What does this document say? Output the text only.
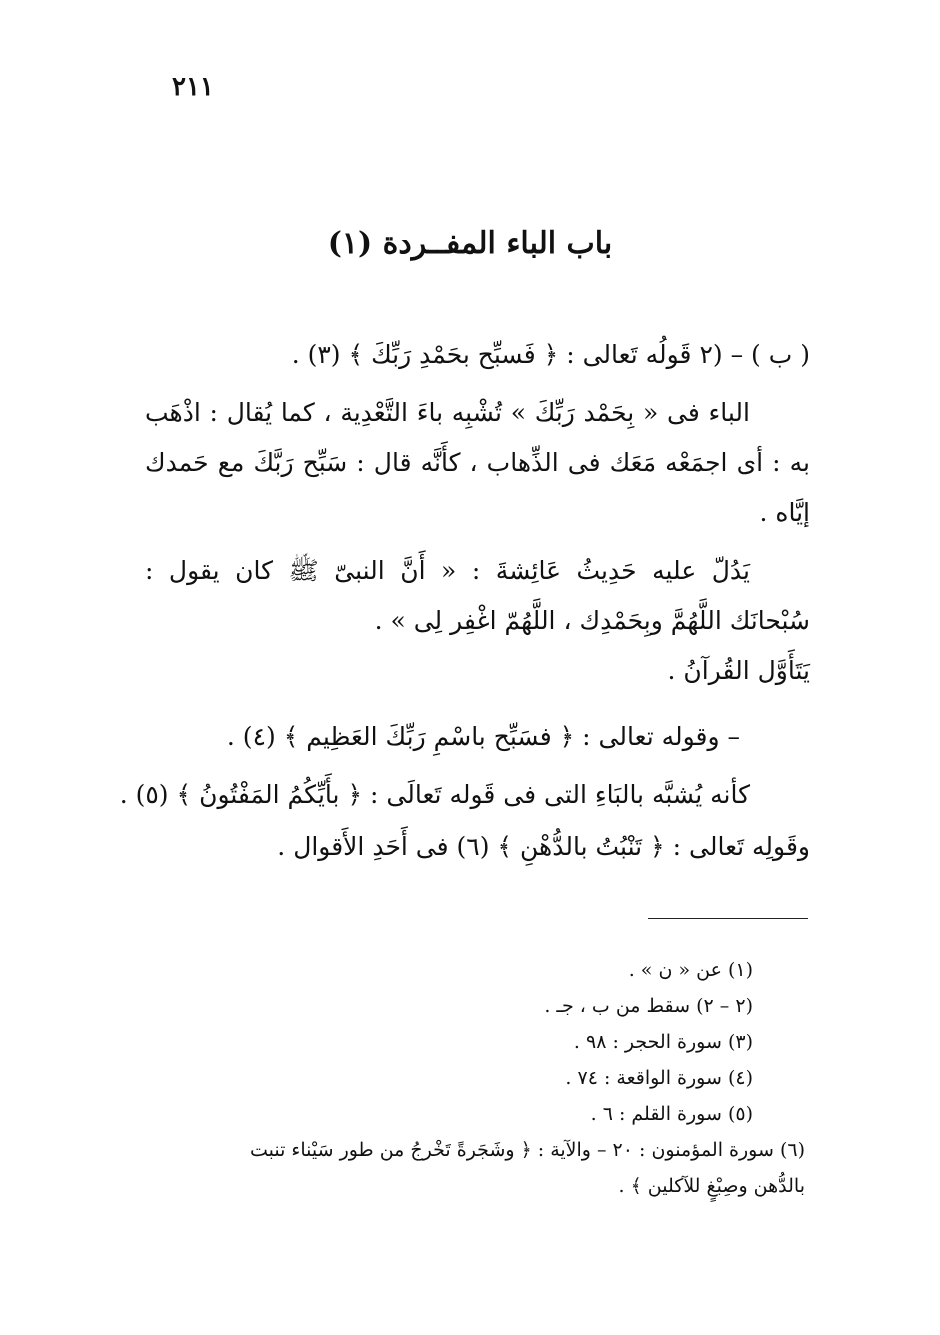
٢١١
باب الباء المفــردة (١)
( ب ) – (٢ قَولُه تَعالى : ﴿ فَسبِّح بحَمْدِ رَبِّكَ ﴾ (٣) .

الباء فى « بِحَمْد رَبِّكَ » تُشْبِه باءَ التَّعْدِية ، كما يُقال : اذْهَب به : أى اجمَعْه مَعَك فى الذِّهاب ، كأَنَّه قال : سَبِّح رَبَّكَ مع حَمدك إيَّاه .

يَدُلّ عليه حَدِيثُ عَائِشةَ : « أَنَّ النبىّ ﷺ كان يقول : سُبْحانَك اللَّهُمَّ وبِحَمْدِك ، اللَّهُمّ اغْفِر لِى » .

يَتَأَوَّل القُرآنُ .

– وقوله تعالى : ﴿ فسَبِّح باسْمِ رَبِّكَ العَظِيم ﴾ (٤) .
كأنه يُشبَّه بالبَاءِ التى فى قَوله تَعالَى : ﴿ بأَيِّكُمُ المَفْتُونُ ﴾ (٥) .
وقَولِه تَعالى : ﴿ تَنْبُتُ بالدُّهْنِ ﴾ (٦) فى أَحَدِ الأَقوال .

(١) عن « ن » .

(٢ – ٢) سقط من ب ، جـ .

(٣) سورة الحجر : ٩٨ .

(٤) سورة الواقعة : ٧٤ .

(٥) سورة القلم : ٦ .

(٦) سورة المؤمنون : ٢٠ – والآية : ﴿ وشَجَرةً تَخْرجُ من طور سَيْناء تنبت

بالدُّهن وصِبْغٍ للآكلين ﴾ .
